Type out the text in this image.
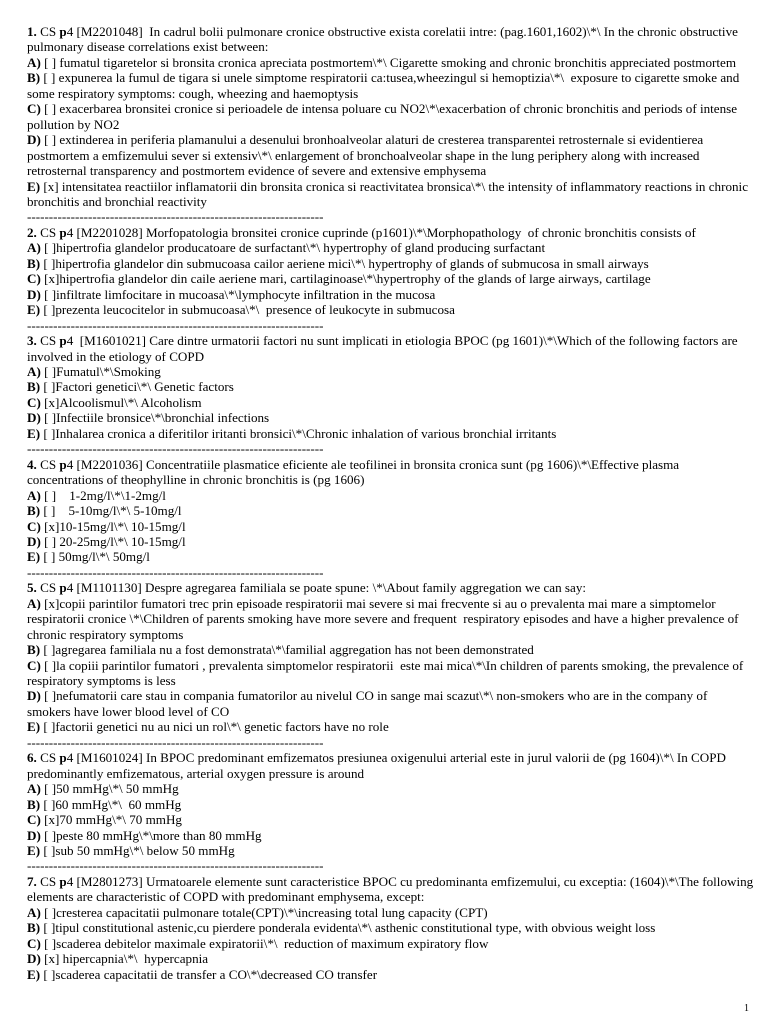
1. CS p4 [M2201048]  In cadrul bolii pulmonare cronice obstructive exista corelatii intre: (pag.1601,1602)\*\ In the chronic obstructive pulmonary disease correlations exist between:
A) [ ] fumatul tigaretelor si bronsita cronica apreciata postmortem\*\ Cigarette smoking and chronic bronchitis appreciated postmortem
B) [ ] expunerea la fumul de tigara si unele simptome respiratorii ca:tusea,wheezingul si hemoptizia\*\  exposure to cigarette smoke and some respiratory symptoms: cough, wheezing and haemoptysis
C) [ ] exacerbarea bronsitei cronice si perioadele de intensa poluare cu NO2\*\exacerbation of chronic bronchitis and periods of intense pollution by NO2
D) [ ] extinderea in periferia plamanului a desenului bronhoalveolar alaturi de cresterea transparentei retrosternale si evidentierea postmortem a emfizemului sever si extensiv\*\ enlargement of bronchoalveolar shape in the lung periphery along with increased retrosternal transparency and postmortem evidence of severe and extensive emphysema
E) [x] intensitatea reactiilor inflamatorii din bronsita cronica si reactivitatea bronsica\*\ the intensity of inflammatory reactions in chronic bronchitis and bronchial reactivity
--------------------------------------------------------------------
2. CS p4 [M2201028] Morfopatologia bronsitei cronice cuprinde (p1601)\*\Morphopathology  of chronic bronchitis consists of
A) [ ]hipertrofia glandelor producatoare de surfactant\*\ hypertrophy of gland producing surfactant
B) [ ]hipertrofia glandelor din submucoasa cailor aeriene mici\*\ hypertrophy of glands of submucosa in small airways
C) [x]hipertrofia glandelor din caile aeriene mari, cartilaginoase\*\hypertrophy of the glands of large airways, cartilage
D) [ ]infiltrate limfocitare in mucoasa\*\lymphocyte infiltration in the mucosa
E) [ ]prezenta leucocitelor in submucoasa\*\  presence of leukocyte in submucosa
--------------------------------------------------------------------
3. CS p4  [M1601021] Care dintre urmatorii factori nu sunt implicati in etiologia BPOC (pg 1601)\*\Which of the following factors are involved in the etiology of COPD
A) [ ]Fumatul\*\Smoking
B) [ ]Factori genetici\*\ Genetic factors
C) [x]Alcoolismul\*\ Alcoholism
D) [ ]Infectiile bronsice\*\bronchial infections
E) [ ]Inhalarea cronica a diferitilor iritanti bronsici\*\Chronic inhalation of various bronchial irritants
--------------------------------------------------------------------
4. CS p4 [M2201036] Concentratiile plasmatice eficiente ale teofilinei in bronsita cronica sunt (pg 1606)\*\Effective plasma concentrations of theophylline in chronic bronchitis is (pg 1606)
A) [ ]    1-2mg/l\*\1-2mg/l
B) [ ]    5-10mg/l\*\ 5-10mg/l
C) [x]10-15mg/l\*\ 10-15mg/l
D) [ ] 20-25mg/l\*\ 10-15mg/l
E) [ ] 50mg/l\*\ 50mg/l
--------------------------------------------------------------------
5. CS p4 [M1101130] Despre agregarea familiala se poate spune: \*\About family aggregation we can say:
A) [x]copii parintilor fumatori trec prin episoade respiratorii mai severe si mai frecvente si au o prevalenta mai mare a simptomelor respiratorii cronice \*\Children of parents smoking have more severe and frequent  respiratory episodes and have a higher prevalence of chronic respiratory symptoms
B) [ ]agregarea familiala nu a fost demonstrata\*\familial aggregation has not been demonstrated
C) [ ]la copiii parintilor fumatori , prevalenta simptomelor respiratorii  este mai mica\*\In children of parents smoking, the prevalence of respiratory symptoms is less
D) [ ]nefumatorii care stau in compania fumatorilor au nivelul CO in sange mai scazut\*\ non-smokers who are in the company of smokers have lower blood level of CO
E) [ ]factorii genetici nu au nici un rol\*\ genetic factors have no role
--------------------------------------------------------------------
6. CS p4 [M1601024] In BPOC predominant emfizematos presiunea oxigenului arterial este in jurul valorii de (pg 1604)\*\ In COPD predominantly emfizematous, arterial oxygen pressure is around
A) [ ]50 mmHg\*\ 50 mmHg
B) [ ]60 mmHg\*\  60 mmHg
C) [x]70 mmHg\*\ 70 mmHg
D) [ ]peste 80 mmHg\*\more than 80 mmHg
E) [ ]sub 50 mmHg\*\ below 50 mmHg
--------------------------------------------------------------------
7. CS p4 [M2801273] Urmatoarele elemente sunt caracteristice BPOC cu predominanta emfizemului, cu exceptia: (1604)\*\The following elements are characteristic of COPD with predominant emphysema, except:
A) [ ]cresterea capacitatii pulmonare totale(CPT)\*\increasing total lung capacity (CPT)
B) [ ]tipul constitutional astenic,cu pierdere ponderala evidenta\*\ asthenic constitutional type, with obvious weight loss
C) [ ]scaderea debitelor maximale expiratorii\*\  reduction of maximum expiratory flow
D) [x] hipercapnia\*\  hypercapnia
E) [ ]scaderea capacitatii de transfer a CO\*\decreased CO transfer
1
